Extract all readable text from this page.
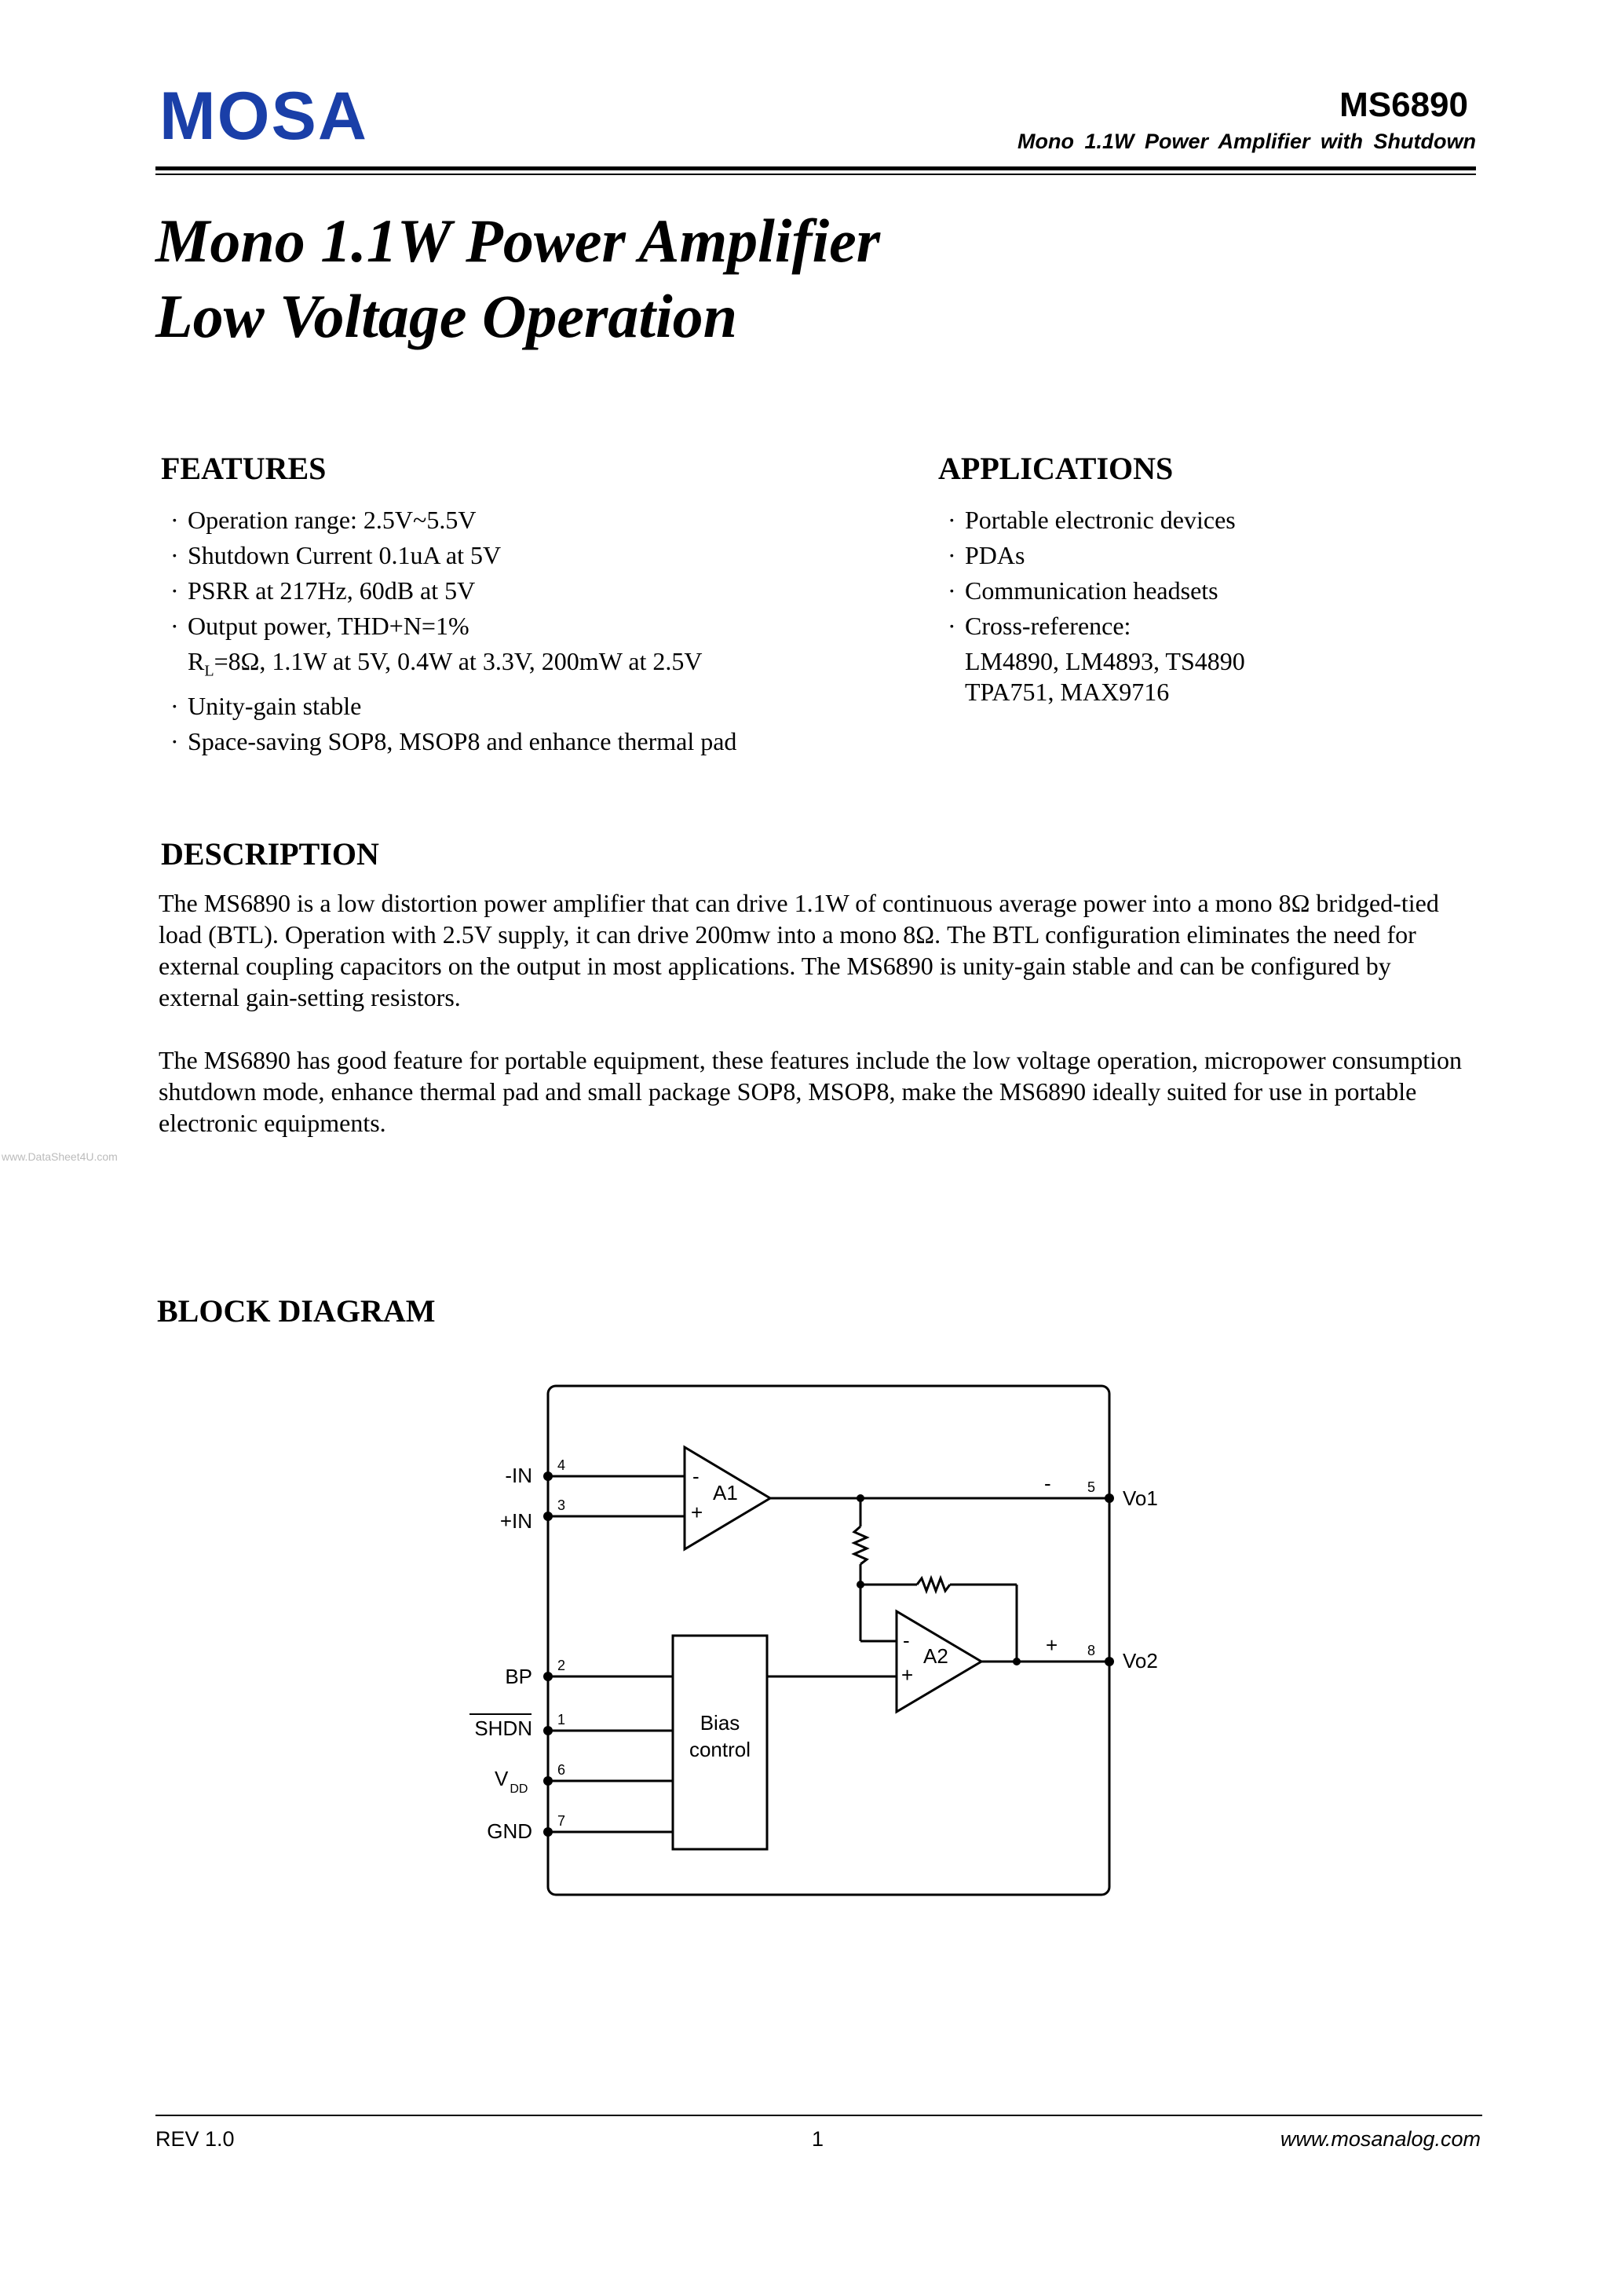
MOSA	MS6890
Mono 1.1W Power Amplifier with Shutdown
Mono 1.1W Power Amplifier
Low Voltage Operation
FEATURES
· Operation range: 2.5V~5.5V
· Shutdown Current 0.1uA at 5V
· PSRR at 217Hz, 60dB at 5V
· Output power, THD+N=1%
$R_L=8\Omega$, 1.1W at 5V, 0.4W at 3.3V, 200mW at 2.5V
· Unity-gain stable
· Space-saving SOP8, MSOP8 and enhance thermal pad
APPLICATIONS
· Portable electronic devices
· PDAs
· Communication headsets
· Cross-reference:
LM4890, LM4893, TS4890
TPA751, MAX9716
DESCRIPTION

The MS6890 is a low distortion power amplifier that can drive 1.1W of continuous average power into a mono 8Ω bridged-tied load (BTL). Operation with 2.5V supply, it can drive 200mw into a mono 8Ω. The BTL configuration eliminates the need for external coupling capacitors on the output in most applications. The MS6890 is unity-gain stable and can be configured by external gain-setting resistors.

The MS6890 has good feature for portable equipment, these features include the low voltage operation, micropower consumption shutdown mode, enhance thermal pad and small package SOP8, MSOP8, make the MS6890 ideally suited for use in portable electronic equipments.

www.DataSheet4U.com
BLOCK DIAGRAM
-IN
+IN
BP
SHDN
V $_{DD}$
GND
4
3
2
1
6
7
5
8
-
+
Vo1
Vo2
-
+
A1
-
+
A2
Bias
control
REV 1.0	1	www.mosanalog.com
